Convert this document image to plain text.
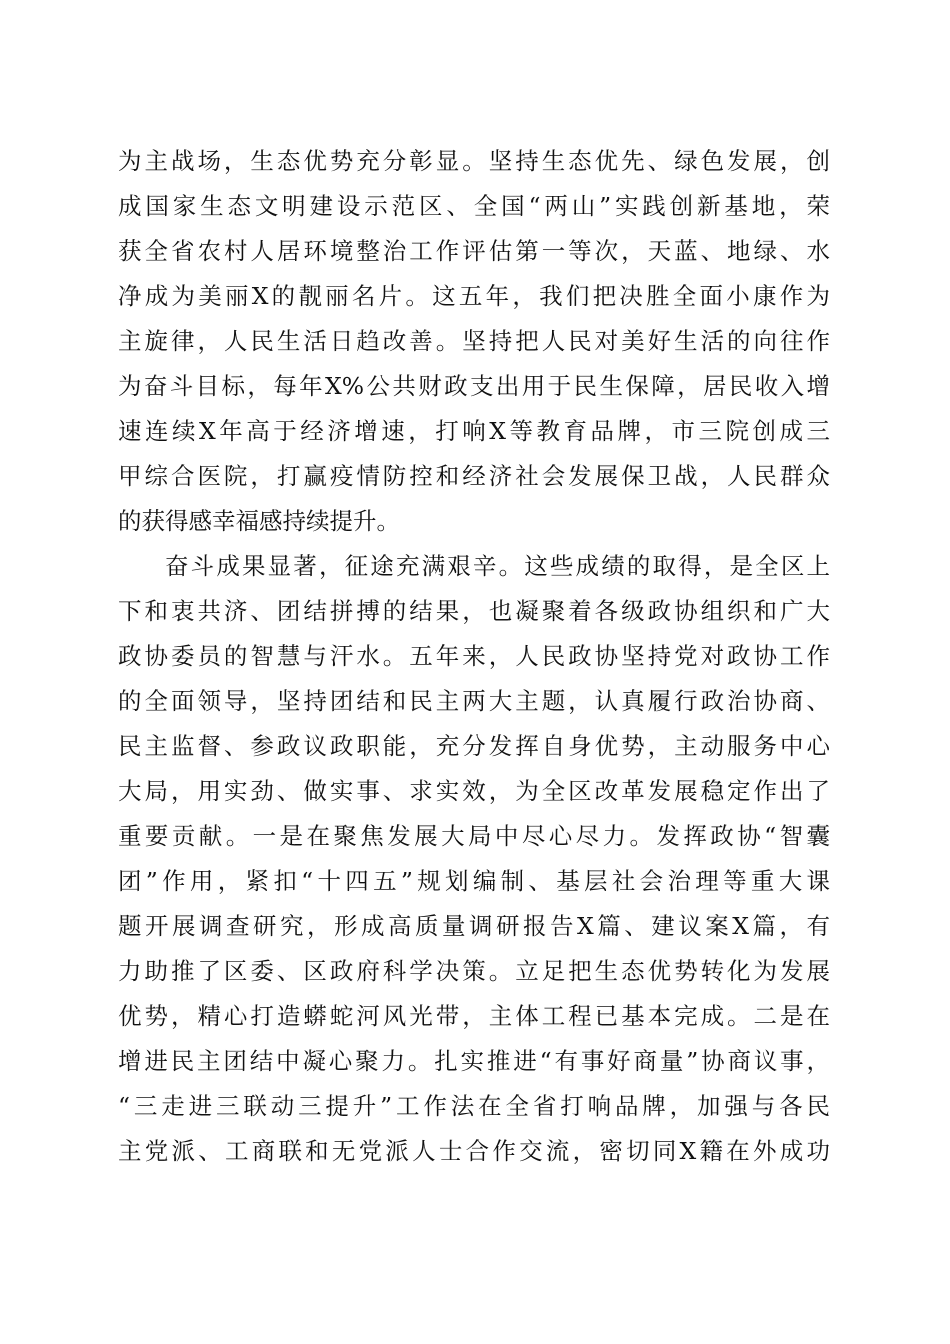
为主战场，生态优势充分彰显。坚持生态优先、绿色发展，创
成国家生态文明建设示范区、全国“两山”实践创新基地，荣
获全省农村人居环境整治工作评估第一等次，天蓝、地绿、水
净成为美丽X的靓丽名片。这五年，我们把决胜全面小康作为
主旋律，人民生活日趋改善。坚持把人民对美好生活的向往作
为奋斗目标，每年X%公共财政支出用于民生保障，居民收入增
速连续X年高于经济增速，打响X等教育品牌，市三院创成三
甲综合医院，打赢疫情防控和经济社会发展保卫战，人民群众
的获得感幸福感持续提升。
奋斗成果显著，征途充满艰辛。这些成绩的取得，是全区上
下和衷共济、团结拼搏的结果，也凝聚着各级政协组织和广大
政协委员的智慧与汗水。五年来，人民政协坚持党对政协工作
的全面领导，坚持团结和民主两大主题，认真履行政治协商、
民主监督、参政议政职能，充分发挥自身优势，主动服务中心
大局，用实劲、做实事、求实效，为全区改革发展稳定作出了
重要贡献。一是在聚焦发展大局中尽心尽力。发挥政协“智囊
团”作用，紧扣“十四五”规划编制、基层社会治理等重大课
题开展调查研究，形成高质量调研报告X篇、建议案X篇，有
力助推了区委、区政府科学决策。立足把生态优势转化为发展
优势，精心打造蟒蛇河风光带，主体工程已基本完成。二是在
增进民主团结中凝心聚力。扎实推进“有事好商量”协商议事，
“三走进三联动三提升”工作法在全省打响品牌，加强与各民
主党派、工商联和无党派人士合作交流，密切同X籍在外成功
